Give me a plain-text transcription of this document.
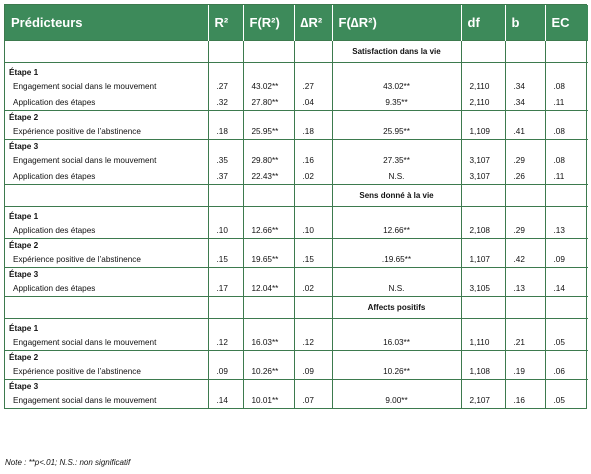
Prédicteurs	R²	F(R²)	∆R²	F(∆R²)	df	b	EC
				Satisfaction dans la vie			

Étape 1							
Engagement social dans le mouvement	.27	43.02**	.27	43.02**	2,110	.34	.08
Application des étapes	.32	27.80**	.04	9.35**	2,110	.34	.11
Étape 2							
Expérience positive de l’abstinence	.18	25.95**	.18	25.95**	1,109	.41	.08
Étape 3							
Engagement social dans le mouvement	.35	29.80**	.16	27.35**	3,107	.29	.08
Application des étapes	.37	22.43**	.02	N.S.	3,107	.26	.11
				Sens donné à la vie			

Étape 1							
Application des étapes	.10	12.66**	.10	12.66**	2,108	.29	.13
Étape 2							
Expérience positive de l’abstinence	.15	19.65**	.15	.19.65**	1,107	.42	.09
Étape 3							
Application des étapes	.17	12.04**	.02	N.S.	3,105	.13	.14
				Affects positifs			

Étape 1							
Engagement social dans le mouvement	.12	16.03**	.12	16.03**	1,110	.21	.05
Étape 2							
Expérience positive de l’abstinence	.09	10.26**	.09	10.26**	1,108	.19	.06
Étape 3							
Engagement social dans le mouvement	.14	10.01**	.07	9.00**	2,107	.16	.05
Note : **p<.01; N.S.: non significatif
